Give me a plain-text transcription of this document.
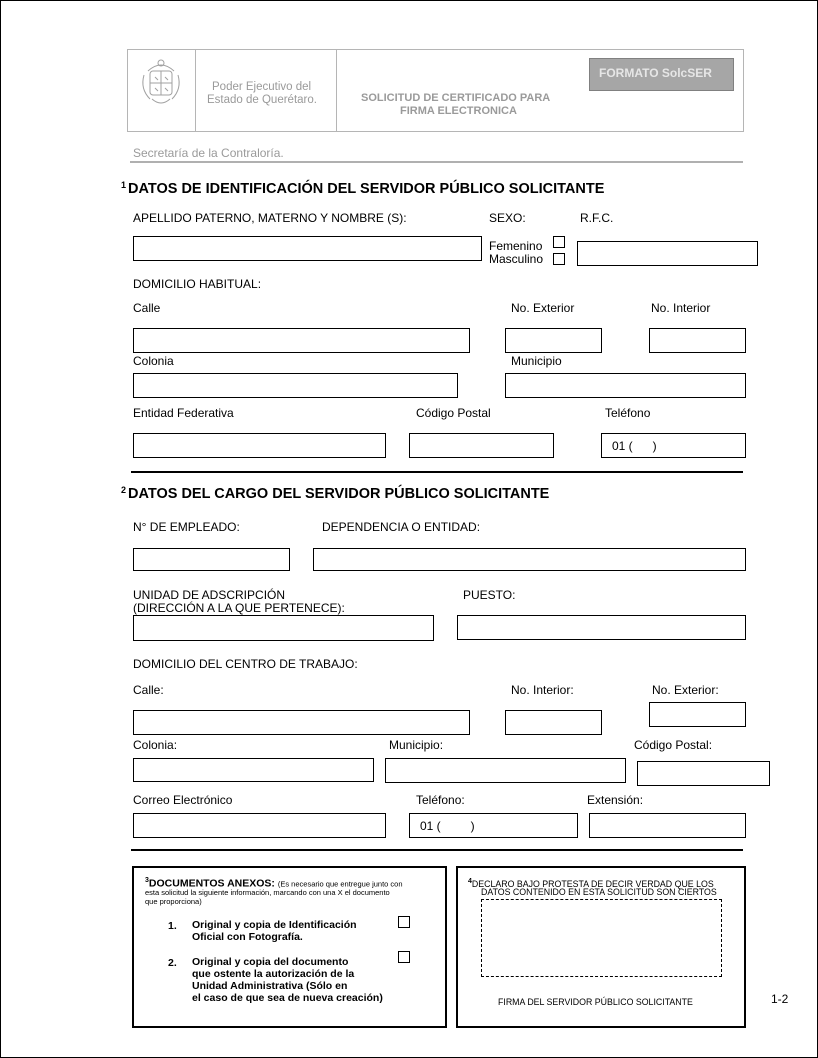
Poder Ejecutivo del
Estado de Querétaro.	SOLICITUD DE CERTIFICADO PARA
FIRMA ELECTRONICA
FORMATO SolcSER
Secretaría de la Contraloría.
$^1$ DATOS DE IDENTIFICACIÓN DEL SERVIDOR PÚBLICO SOLICITANTE
APELLIDO PATERNO, MATERNO Y NOMBRE (S):	SEXO:	R.F.C.
Femenino
Masculino
DOMICILIO HABITUAL:
Calle	No. Exterior	No. Interior
Colonia	Municipio
Entidad Federativa	Código Postal	Teléfono
01 (      )
$^2$ DATOS DEL CARGO DEL SERVIDOR PÚBLICO SOLICITANTE
N° DE EMPLEADO:	DEPENDENCIA O ENTIDAD:
UNIDAD DE ADSCRIPCIÓN
(DIRECCIÓN A LA QUE PERTENECE):
PUESTO:
DOMICILIO DEL CENTRO DE TRABAJO:
Calle:	No. Interior:	No. Exterior:
Colonia:	Municipio:	Código Postal:
Correo Electrónico	Teléfono:	Extensión:
01 (         )
$^3$DOCUMENTOS ANEXOS: (Es necesario que entregue junto con
esta solicitud la siguiente información, marcando con una X el documento
que proporciona)
1. Original y copia de Identificación
Oficial con Fotografía.
2. Original y copia del documento
que ostente la autorización de la
Unidad Administrativa (Sólo en
el caso de que sea de nueva creación)
$^4$DECLARO BAJO PROTESTA DE DECIR VERDAD QUE LOS
DATOS CONTENIDO EN ESTA SOLICITUD SON CIERTOS
FIRMA DEL SERVIDOR PÚBLICO SOLICITANTE	1-2
